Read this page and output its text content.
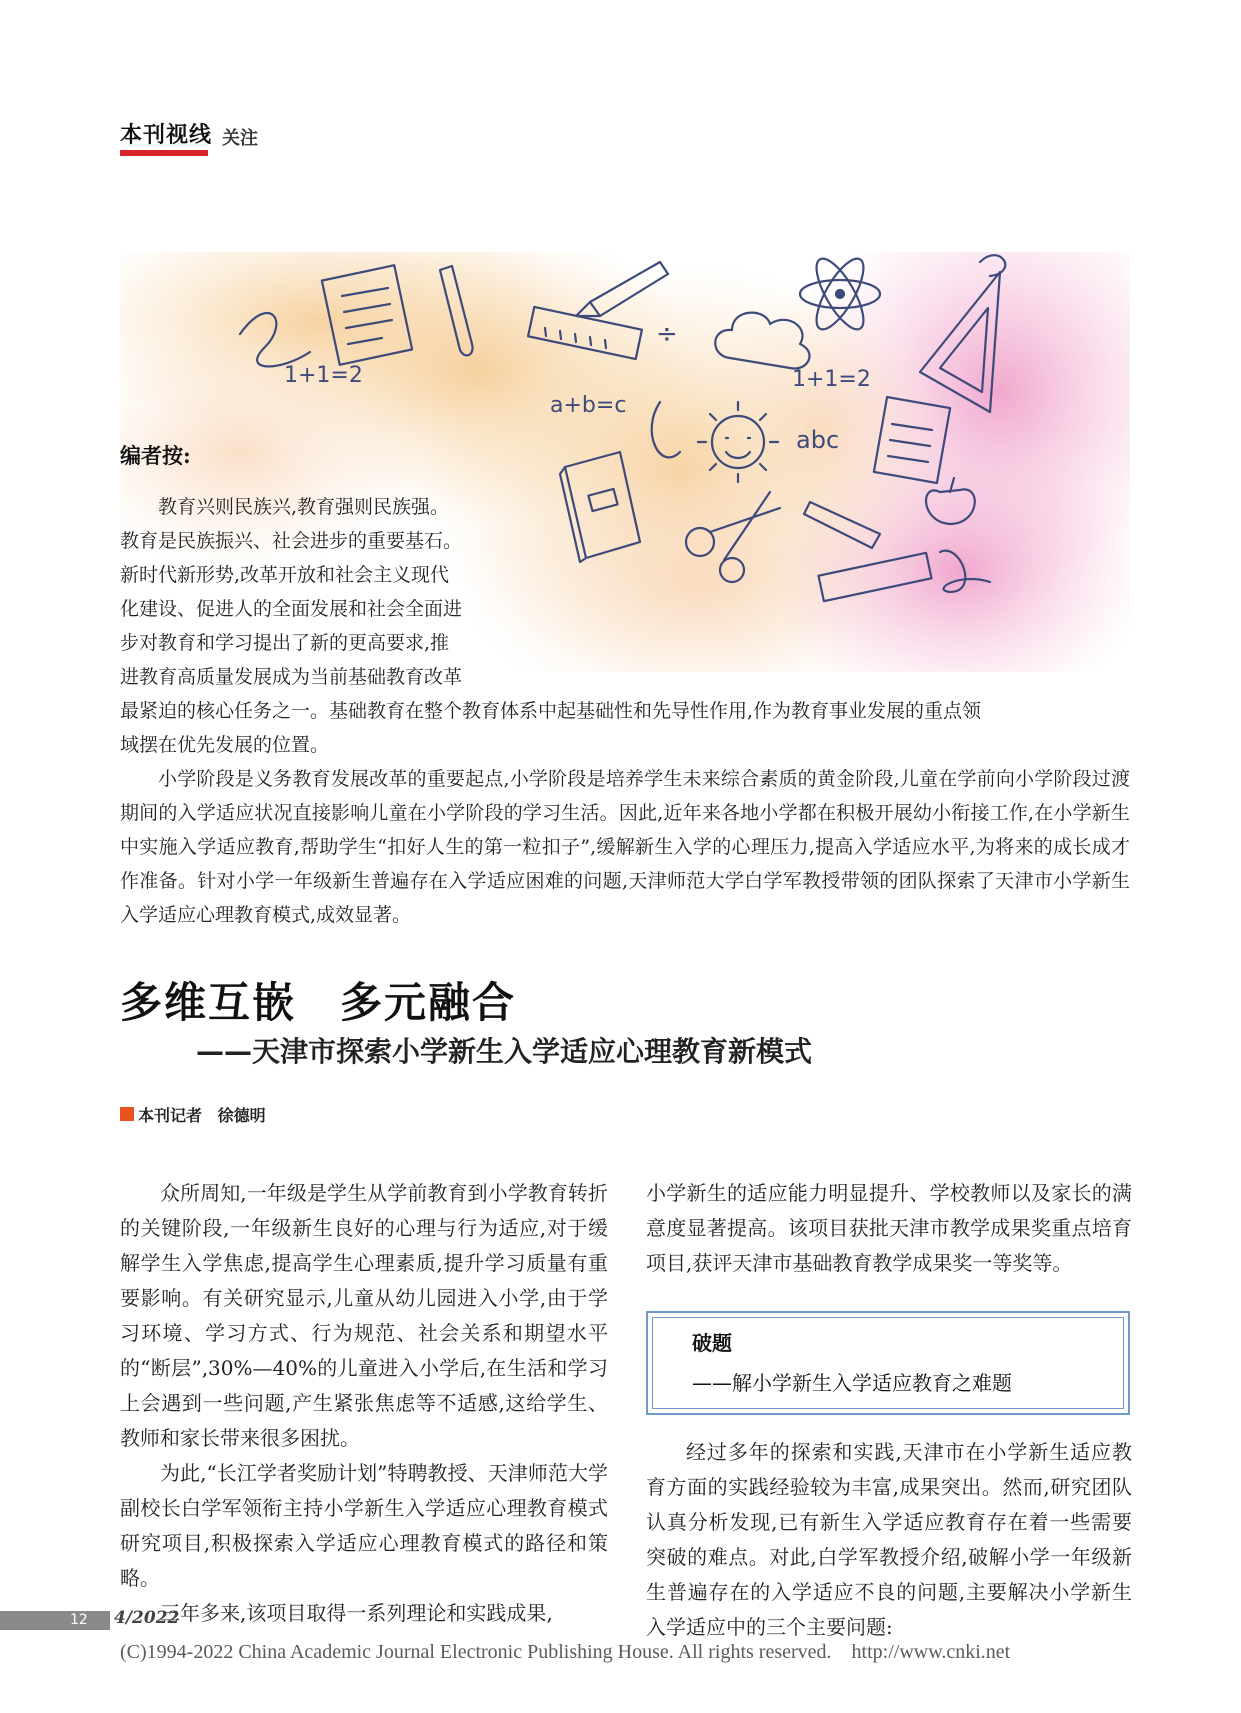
本刊视线 关注
1+1=2
a+b=c
1+1=2
abc
÷
编者按:

教育兴则民族兴,教育强则民族强。

教育是民族振兴、社会进步的重要基石。

新时代新形势,改革开放和社会主义现代

化建设、促进人的全面发展和社会全面进

步对教育和学习提出了新的更高要求,推

进教育高质量发展成为当前基础教育改革

最紧迫的核心任务之一。基础教育在整个教育体系中起基础性和先导性作用,作为教育事业发展的重点领

域摆在优先发展的位置。

小学阶段是义务教育发展改革的重要起点,小学阶段是培养学生未来综合素质的黄金阶段,儿童在学前向小学阶段过渡期间的入学适应状况直接影响儿童在小学阶段的学习生活。因此,近年来各地小学都在积极开展幼小衔接工作,在小学新生中实施入学适应教育,帮助学生“扣好人生的第一粒扣子”,缓解新生入学的心理压力,提高入学适应水平,为将来的成长成才作准备。针对小学一年级新生普遍存在入学适应困难的问题,天津师范大学白学军教授带领的团队探索了天津市小学新生入学适应心理教育模式,成效显著。

多维互嵌 多元融合
——天津市探索小学新生入学适应心理教育新模式
本刊记者 徐德明

众所周知,一年级是学生从学前教育到小学教育转折的关键阶段,一年级新生良好的心理与行为适应,对于缓解学生入学焦虑,提高学生心理素质,提升学习质量有重要影响。有关研究显示,儿童从幼儿园进入小学,由于学习环境、学习方式、行为规范、社会关系和期望水平的“断层”,30%—40%的儿童进入小学后,在生活和学习上会遇到一些问题,产生紧张焦虑等不适感,这给学生、教师和家长带来很多困扰。

为此,“长江学者奖励计划”特聘教授、天津师范大学副校长白学军领衔主持小学新生入学适应心理教育模式研究项目,积极探索入学适应心理教育模式的路径和策略。

三年多来,该项目取得一系列理论和实践成果,

小学新生的适应能力明显提升、学校教师以及家长的满意度显著提高。该项目获批天津市教学成果奖重点培育项目,获评天津市基础教育教学成果奖一等奖等。

破题
——解小学新生入学适应教育之难题

经过多年的探索和实践,天津市在小学新生适应教育方面的实践经验较为丰富,成果突出。然而,研究团队认真分析发现,已有新生入学适应教育存在着一些需要突破的难点。对此,白学军教授介绍,破解小学一年级新生普遍存在的入学适应不良的问题,主要解决小学新生入学适应中的三个主要问题:

12	4/2022
(C)1994-2022 China Academic Journal Electronic Publishing House. All rights reserved.    http://www.cnki.net
